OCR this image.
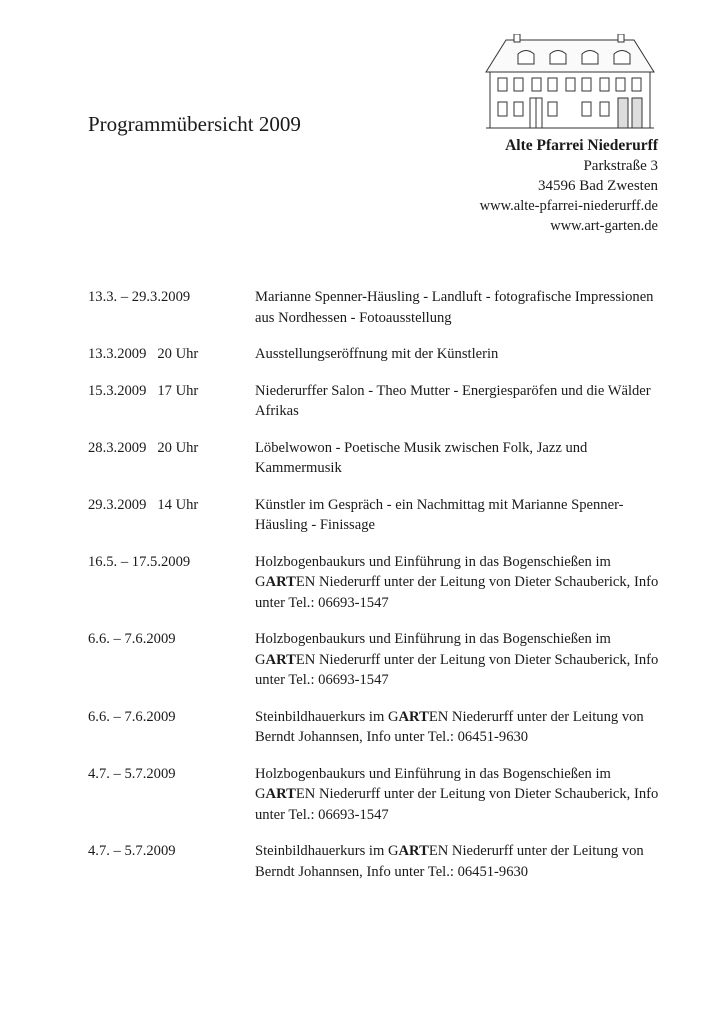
Programmübersicht 2009
Alte Pfarrei Niederurff
Parkstraße 3
34596 Bad Zwesten
www.alte-pfarrei-niederurff.de
www.art-garten.de
13.3. – 29.3.2009	Marianne Spenner-Häusling - Landluft - fotografische Impressionen aus Nordhessen - Fotoausstellung
13.3.2009   20 Uhr	Ausstellungseröffnung mit der Künstlerin
15.3.2009   17 Uhr	Niederurffer Salon - Theo Mutter - Energiesparöfen und die Wälder Afrikas
28.3.2009   20 Uhr	Löbelwowon - Poetische Musik zwischen Folk, Jazz und Kammermusik
29.3.2009   14 Uhr	Künstler im Gespräch - ein Nachmittag mit Marianne Spenner-Häusling - Finissage
16.5. – 17.5.2009	Holzbogenbaukurs und Einführung in das Bogenschießen im GARTEN Niederurff unter der Leitung von Dieter Schauberick, Info unter Tel.: 06693-1547
6.6. – 7.6.2009	Holzbogenbaukurs und Einführung in das Bogenschießen im GARTEN Niederurff unter der Leitung von Dieter Schauberick, Info unter Tel.: 06693-1547
6.6. – 7.6.2009	Steinbildhauerkurs im GARTEN Niederurff unter der Leitung von Berndt Johannsen, Info unter Tel.: 06451-9630
4.7. – 5.7.2009	Holzbogenbaukurs und Einführung in das Bogenschießen im GARTEN Niederurff unter der Leitung von Dieter Schauberick, Info unter Tel.: 06693-1547
4.7. – 5.7.2009	Steinbildhauerkurs im GARTEN Niederurff unter der Leitung von Berndt Johannsen, Info unter Tel.: 06451-9630
